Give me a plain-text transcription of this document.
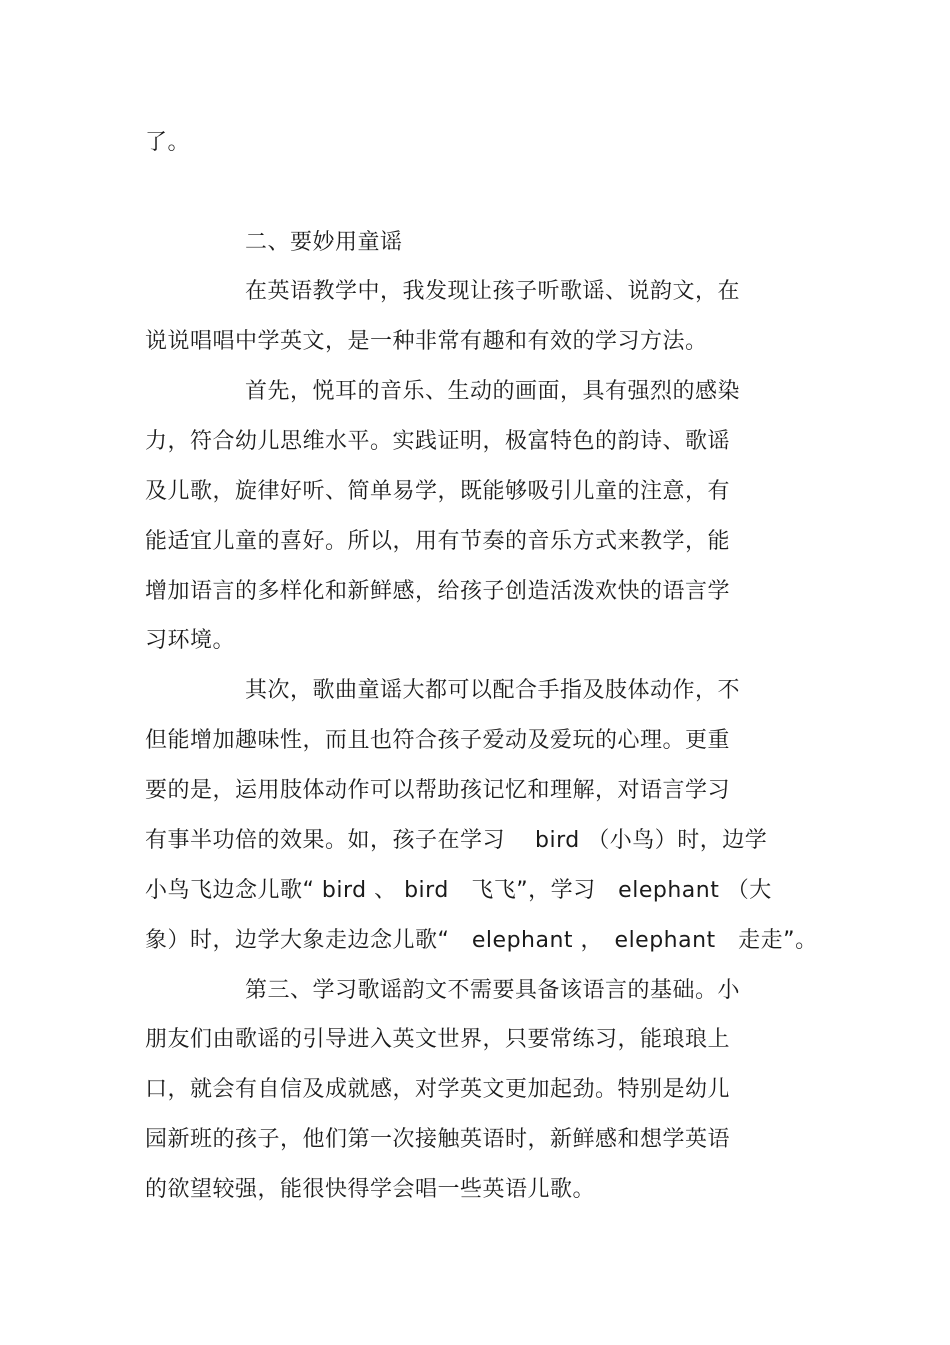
了。
二、要妙用童谣
在英语教学中，我发现让孩子听歌谣、说韵文，在
说说唱唱中学英文，是一种非常有趣和有效的学习方法。
首先，悦耳的音乐、生动的画面，具有强烈的感染
力，符合幼儿思维水平。实践证明，极富特色的韵诗、歌谣
及儿歌，旋律好听、简单易学，既能够吸引儿童的注意，有
能适宜儿童的喜好。所以，用有节奏的音乐方式来教学，能
增加语言的多样化和新鲜感，给孩子创造活泼欢快的语言学
习环境。
其次，歌曲童谣大都可以配合手指及肢体动作，不
但能增加趣味性，而且也符合孩子爱动及爱玩的心理。更重
要的是，运用肢体动作可以帮助孩记忆和理解，对语言学习
有事半功倍的效果。如，孩子在学习　 bird （小鸟）时，边学
小鸟飞边念儿歌“ bird 、 bird　飞飞”，学习　elephant （大
象）时，边学大象走边念儿歌“　elephant ，　elephant　走走”。
第三、学习歌谣韵文不需要具备该语言的基础。小
朋友们由歌谣的引导进入英文世界，只要常练习，能琅琅上
口，就会有自信及成就感，对学英文更加起劲。特别是幼儿
园新班的孩子，他们第一次接触英语时，新鲜感和想学英语
的欲望较强，能很快得学会唱一些英语儿歌。
